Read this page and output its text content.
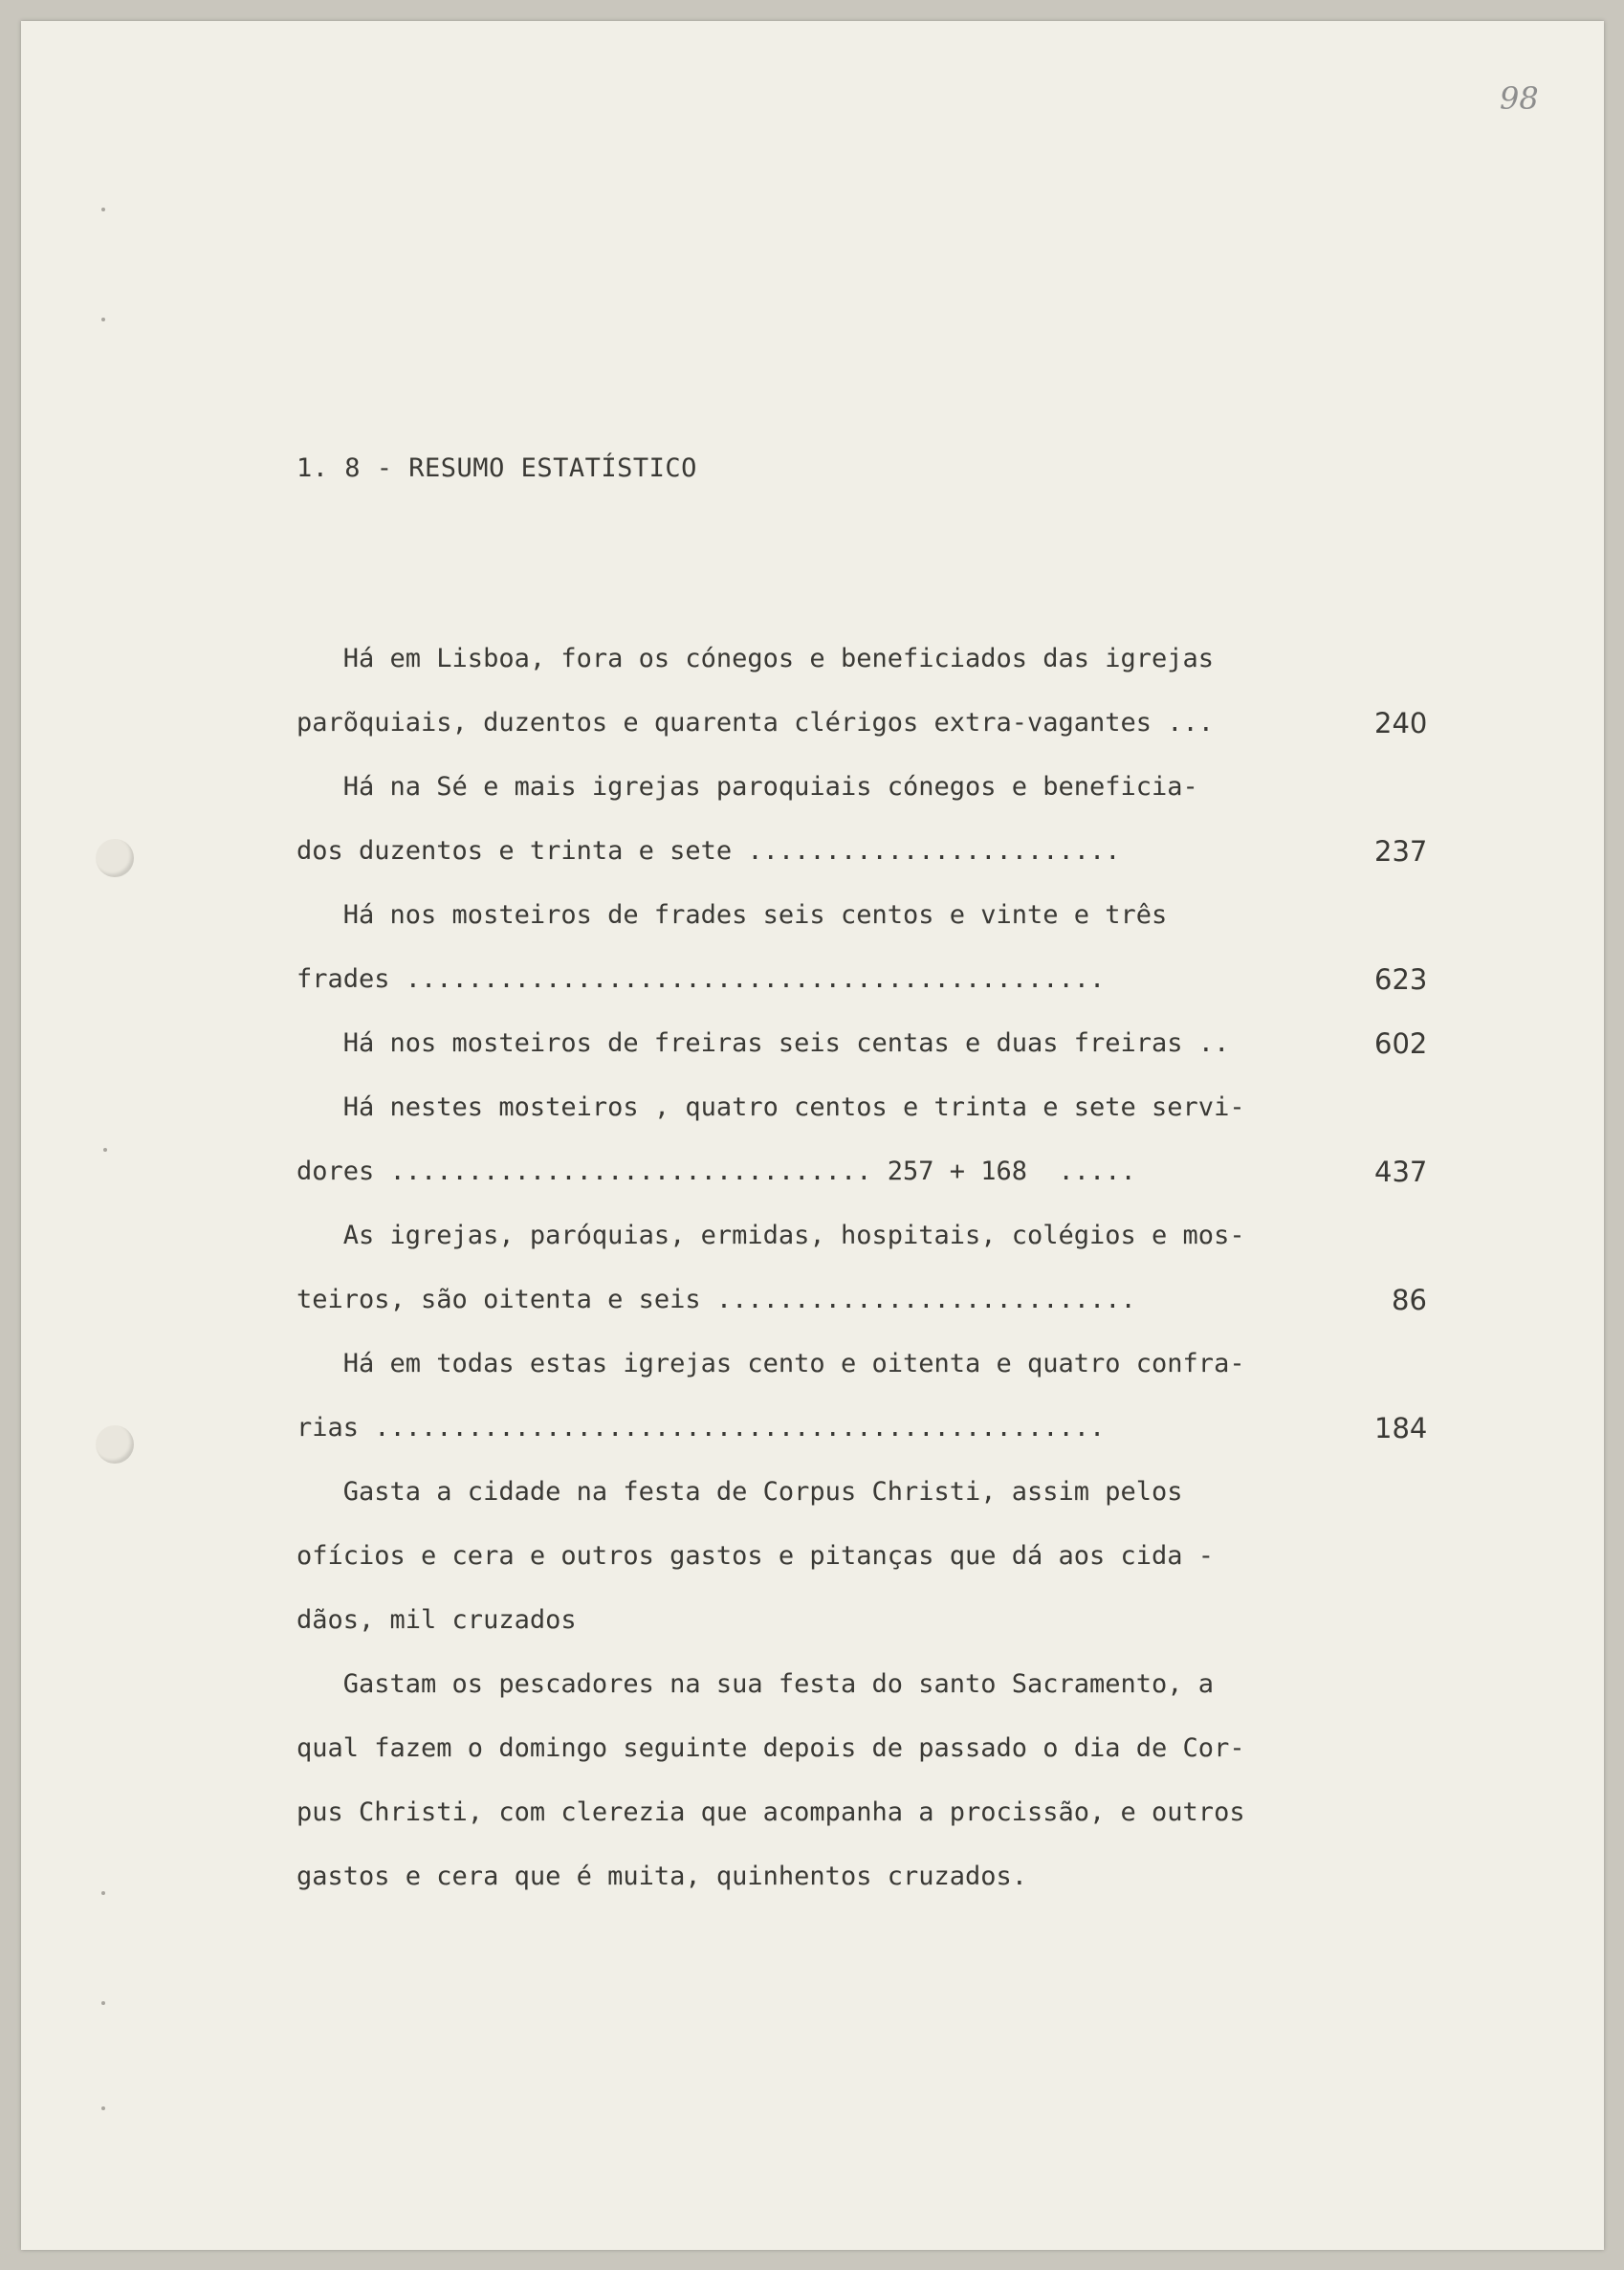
98
1. 8 - RESUMO ESTATÍSTICO
Há em Lisboa, fora os cónegos e beneficiados das igrejas
parõquiais, duzentos e quarenta clérigos extra-vagantes ...
Há na Sé e mais igrejas paroquiais cónegos e beneficia-
dos duzentos e trinta e sete ........................
Há nos mosteiros de frades seis centos e vinte e três
frades .............................................
Há nos mosteiros de freiras seis centas e duas freiras ..
Há nestes mosteiros , quatro centos e trinta e sete servi-
dores ............................... 257 + 168  .....
As igrejas, paróquias, ermidas, hospitais, colégios e mos-
teiros, são oitenta e seis ...........................
Há em todas estas igrejas cento e oitenta e quatro confra-
rias ...............................................
Gasta a cidade na festa de Corpus Christi, assim pelos
ofícios e cera e outros gastos e pitanças que dá aos cida -
dãos, mil cruzados
Gastam os pescadores na sua festa do santo Sacramento, a
qual fazem o domingo seguinte depois de passado o dia de Cor-
pus Christi, com clerezia que acompanha a procissão, e outros
gastos e cera que é muita, quinhentos cruzados.
240
237
623
602
437
86
184
